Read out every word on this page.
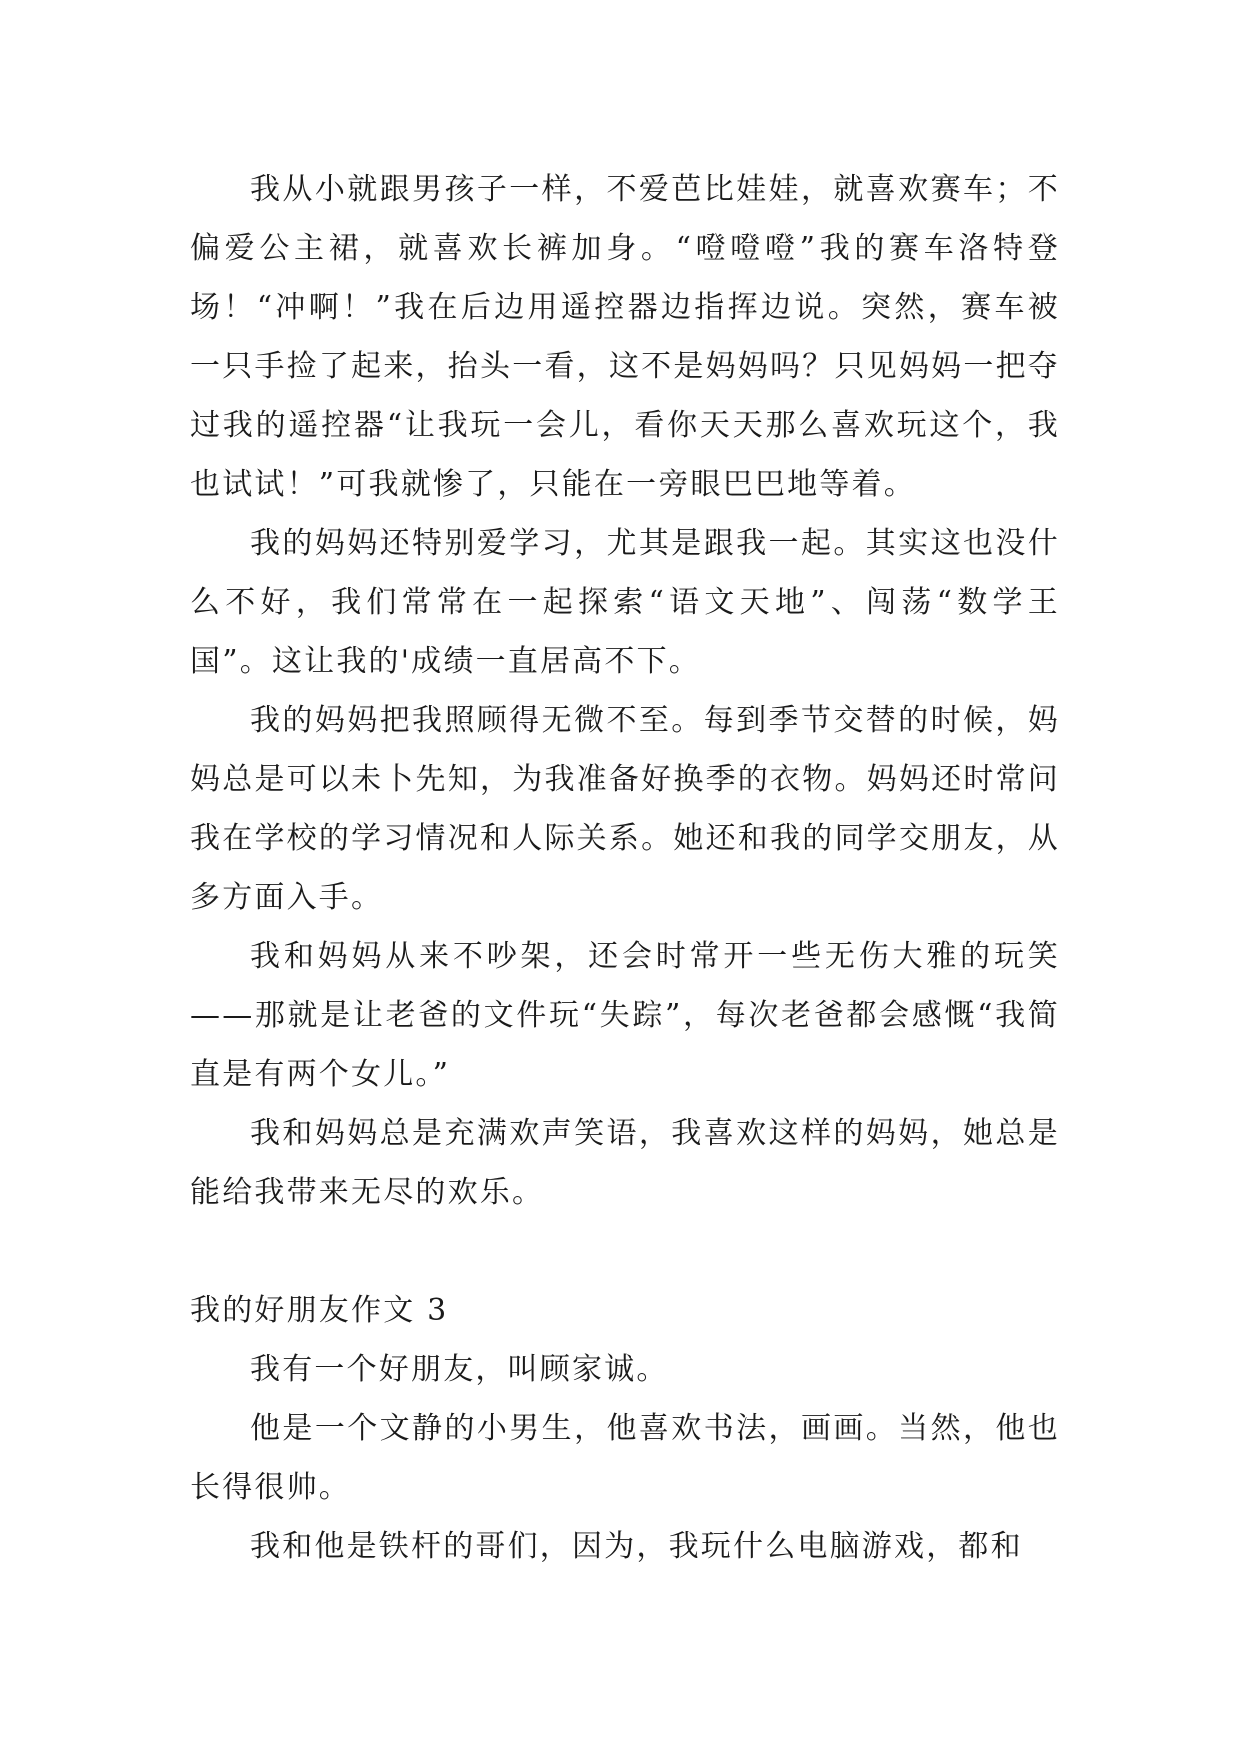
我从小就跟男孩子一样，不爱芭比娃娃，就喜欢赛车；不偏爱公主裙，就喜欢长裤加身。“噔噔噔”我的赛车洛特登场！“冲啊！”我在后边用遥控器边指挥边说。突然，赛车被一只手捡了起来，抬头一看，这不是妈妈吗？只见妈妈一把夺过我的遥控器“让我玩一会儿，看你天天那么喜欢玩这个，我也试试！”可我就惨了，只能在一旁眼巴巴地等着。

我的妈妈还特别爱学习，尤其是跟我一起。其实这也没什么不好，我们常常在一起探索“语文天地”、闯荡“数学王国”。这让我的'成绩一直居高不下。

我的妈妈把我照顾得无微不至。每到季节交替的时候，妈妈总是可以未卜先知，为我准备好换季的衣物。妈妈还时常问我在学校的学习情况和人际关系。她还和我的同学交朋友，从多方面入手。

我和妈妈从来不吵架，还会时常开一些无伤大雅的玩笑——那就是让老爸的文件玩“失踪”，每次老爸都会感慨“我简直是有两个女儿。”

我和妈妈总是充满欢声笑语，我喜欢这样的妈妈，她总是能给我带来无尽的欢乐。

我的好朋友作文 3

我有一个好朋友，叫顾家诚。

他是一个文静的小男生，他喜欢书法，画画。当然，他也长得很帅。

我和他是铁杆的哥们，因为，我玩什么电脑游戏，都和
